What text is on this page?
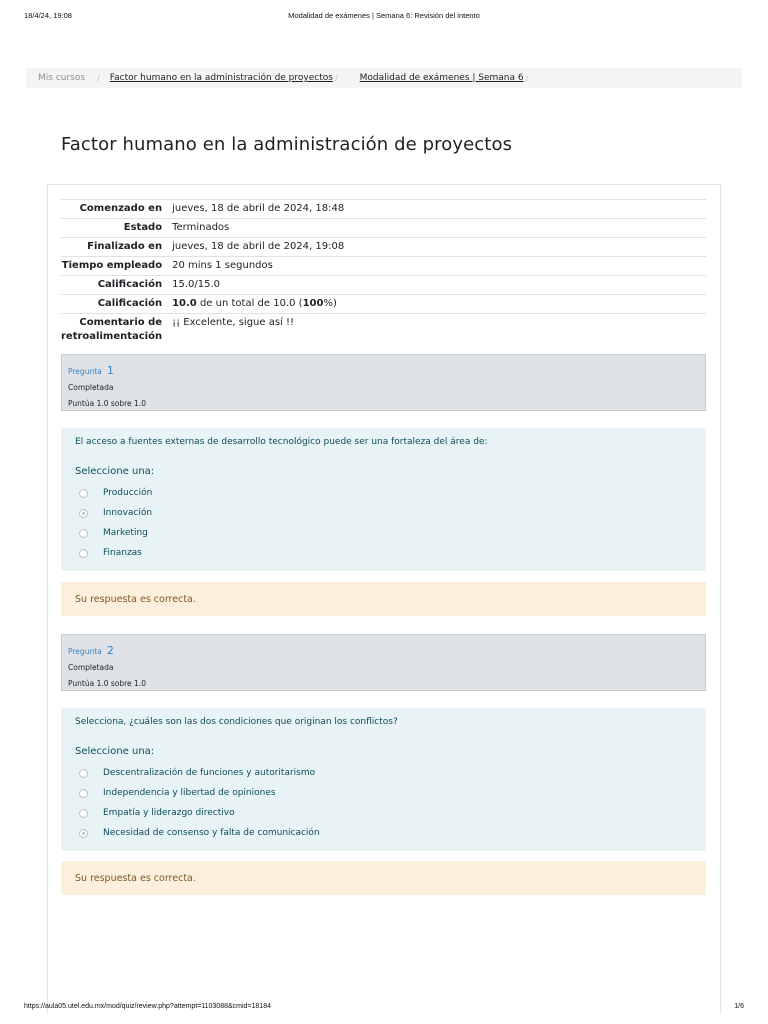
18/4/24, 19:08	Modalidad de exámenes | Semana 6: Revisión del intento
Mis cursos / Factor humano en la administración de proyectos / Modalidad de exámenes | Semana 6 /
Factor humano en la administración de proyectos
Comenzado en	jueves, 18 de abril de 2024, 18:48
Estado	Terminados
Finalizado en	jueves, 18 de abril de 2024, 19:08
Tiempo empleado	20 mins 1 segundos
Calificación	15.0/15.0
Calificación	10.0 de un total de 10.0 (100%)
Comentario de retroalimentación	¡¡ Excelente, sigue así !!
Pregunta 1
Completada
Puntúa 1.0 sobre 1.0
El acceso a fuentes externas de desarrollo tecnológico puede ser una fortaleza del área de:
Seleccione una:
Producción
Innovación
Marketing
Finanzas
Su respuesta es correcta.
Pregunta 2
Completada
Puntúa 1.0 sobre 1.0
Selecciona, ¿cuáles son las dos condiciones que originan los conflictos?
Seleccione una:
Descentralización de funciones y autoritarismo
Independencia y libertad de opiniones
Empatía y liderazgo directivo
Necesidad de consenso y falta de comunicación
Su respuesta es correcta.
https://aula05.utel.edu.mx/mod/quiz/review.php?attempt=1103088&cmid=18184	1/6
